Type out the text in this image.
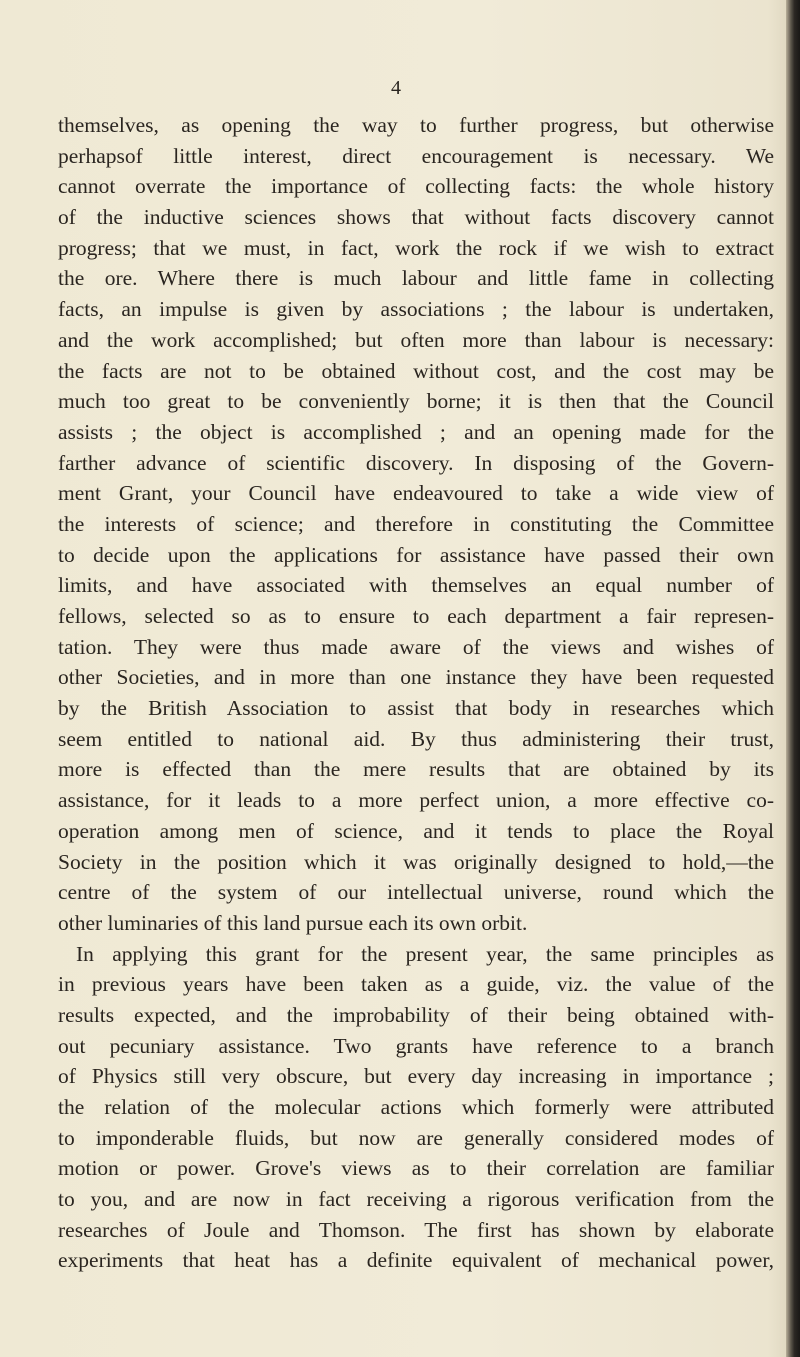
4
themselves, as opening the way to further progress, but otherwise
perhapsof little interest, direct encouragement is necessary. We
cannot overrate the importance of collecting facts: the whole history
of the inductive sciences shows that without facts discovery cannot
progress; that we must, in fact, work the rock if we wish to extract
the ore. Where there is much labour and little fame in collecting
facts, an impulse is given by associations ; the labour is undertaken,
and the work accomplished; but often more than labour is necessary:
the facts are not to be obtained without cost, and the cost may be
much too great to be conveniently borne; it is then that the Council
assists ; the object is accomplished ; and an opening made for the
farther advance of scientific discovery. In disposing of the Govern-
ment Grant, your Council have endeavoured to take a wide view of
the interests of science; and therefore in constituting the Committee
to decide upon the applications for assistance have passed their own
limits, and have associated with themselves an equal number of
fellows, selected so as to ensure to each department a fair represen-
tation. They were thus made aware of the views and wishes of
other Societies, and in more than one instance they have been requested
by the British Association to assist that body in researches which
seem entitled to national aid. By thus administering their trust,
more is effected than the mere results that are obtained by its
assistance, for it leads to a more perfect union, a more effective co-
operation among men of science, and it tends to place the Royal
Society in the position which it was originally designed to hold,—the
centre of the system of our intellectual universe, round which the
other luminaries of this land pursue each its own orbit.
In applying this grant for the present year, the same principles as
in previous years have been taken as a guide, viz. the value of the
results expected, and the improbability of their being obtained with-
out pecuniary assistance. Two grants have reference to a branch
of Physics still very obscure, but every day increasing in importance ;
the relation of the molecular actions which formerly were attributed
to imponderable fluids, but now are generally considered modes of
motion or power. Grove's views as to their correlation are familiar
to you, and are now in fact receiving a rigorous verification from the
researches of Joule and Thomson. The first has shown by elaborate
experiments that heat has a definite equivalent of mechanical power,
